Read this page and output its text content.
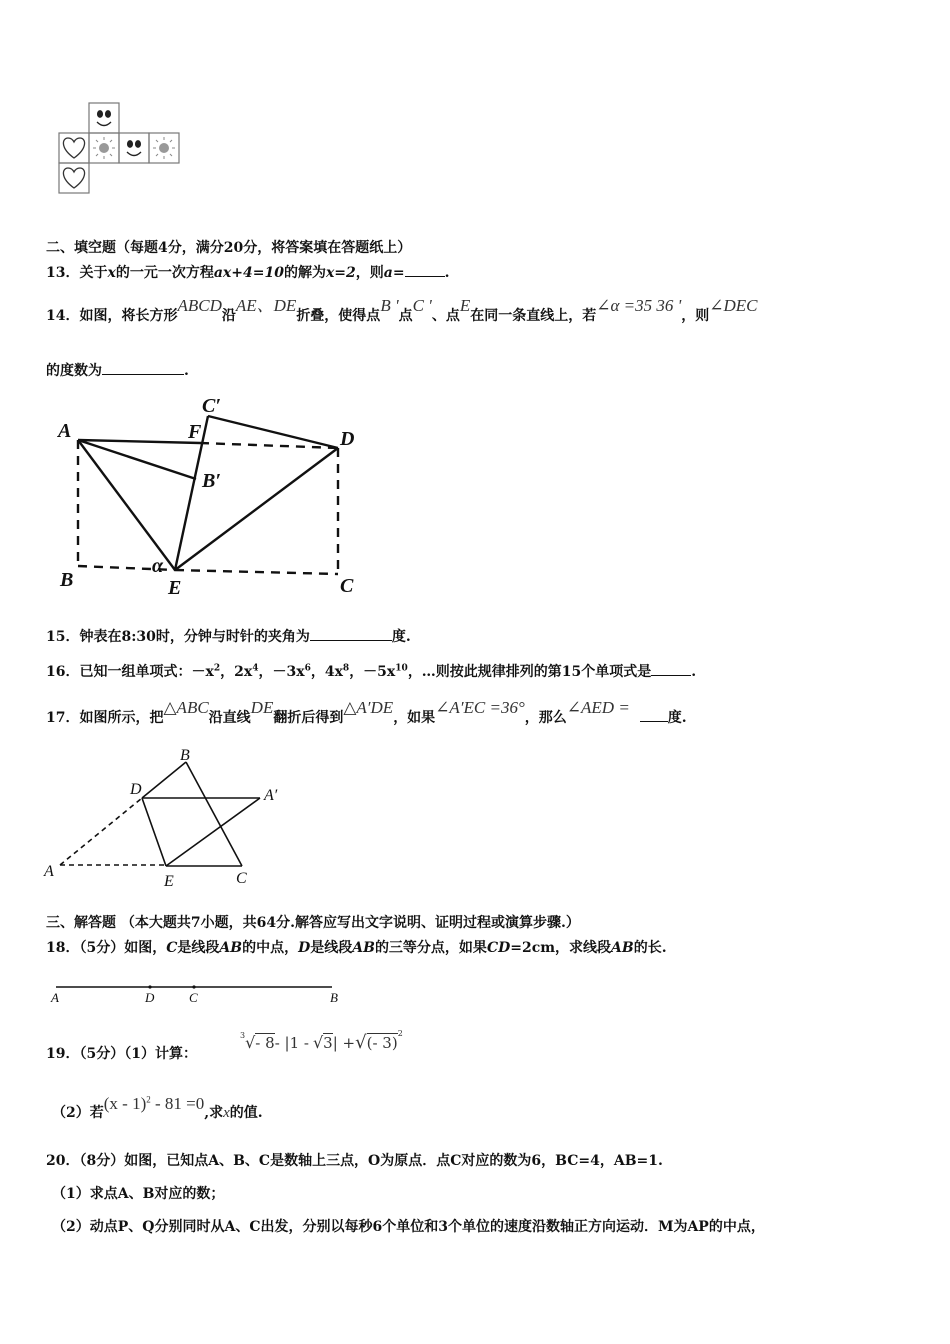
二、填空题（每题4分，满分20分，将答案填在答题纸上）
13．关于x的一元一次方程ax+4=10的解为x=2，则a=	.
14．如图，将长方形ABCD沿AE、DE折叠，使得点B '点C '、点E在同一条直线上，若∠α =35 36 '，则∠DEC
的度数为	.
A
B	C
D
E
F
B′
C′
α
15．钟表在8:30时，分钟与时针的夹角为	度.
16．已知一组单项式：$-x^2$，$2x^4$，$-3x^6$，$4x^8$，$-5x^{10}$，…则按此规律排列的第15个单项式是	.
17．如图所示，把△ABC沿直线DE翻折后得到△A′DE，如果∠A′EC =36°，那么∠AED =度.
A
B
C
D
E
A′
三、解答题 （本大题共7小题，共64分.解答应写出文字说明、证明过程或演算步骤.）
18．（5分）如图，C是线段AB的中点，D是线段AB的三等分点，如果CD=2cm，求线段AB的长.
A	D	C	B
19．（5分）（1）计算：
$^3$√- 8- |1 - √3| +√(- 3)$^2$
（2）若(x - 1)$^2$ - 81 =0,求x的值.
20．（8分）如图，已知点A、B、C是数轴上三点，O为原点．点C对应的数为6，BC=4，AB=1.
（1）求点A、B对应的数；
（2）动点P、Q分别同时从A、C出发，分别以每秒6个单位和3个单位的速度沿数轴正方向运动．M为AP的中点，
